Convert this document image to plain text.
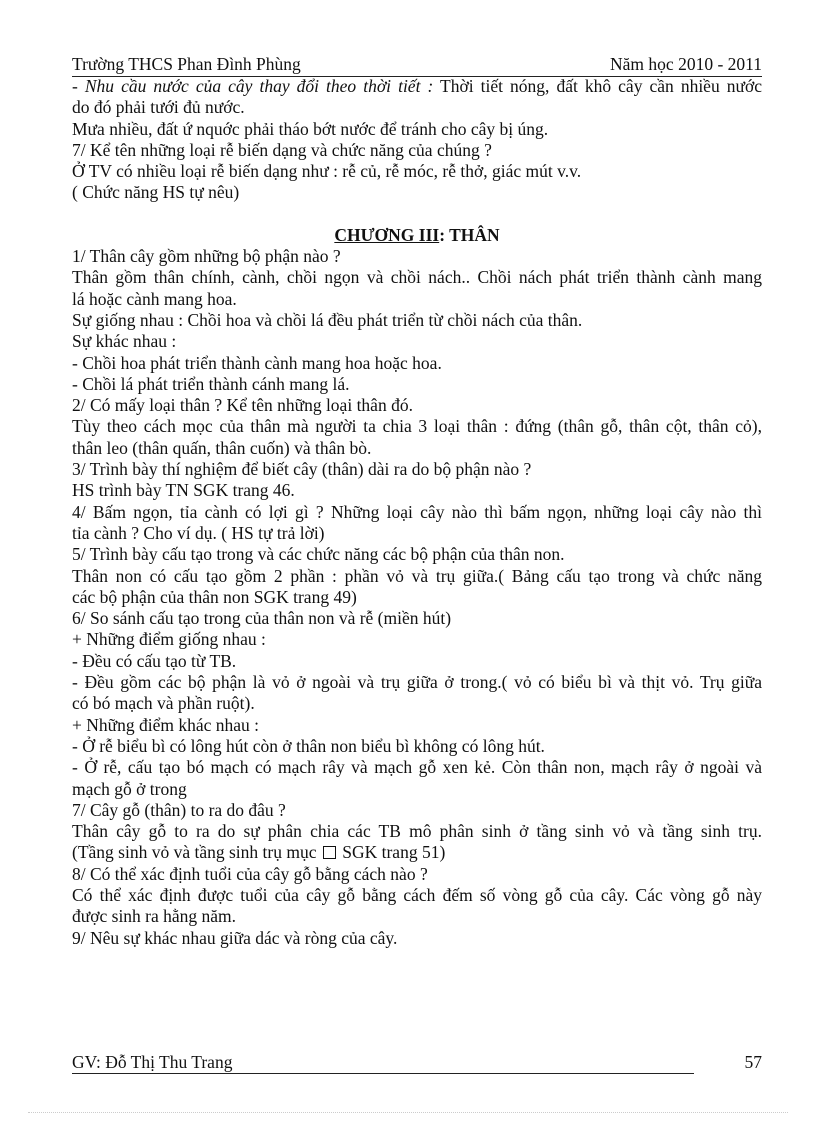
Trường THCS Phan Đình Phùng	Năm học 2010 - 2011
- Nhu cầu nước của cây thay đổi theo thời tiết : Thời tiết nóng, đất khô cây cần nhiều nước
do đó phải tưới đủ nước.
Mưa nhiều, đất ứ nquớc phải tháo bớt nước để tránh cho cây bị úng.
7/ Kể tên những loại rễ biến dạng và chức năng của chúng ?
Ở TV có nhiều loại rễ biến dạng như : rễ củ, rễ móc, rễ thở, giác mút v.v.
( Chức năng HS tự nêu)
CHƯƠNG III: THÂN
1/ Thân cây gồm những bộ phận nào ?
Thân gồm thân chính, cành, chồi ngọn và chồi nách.. Chồi nách phát triển thành cành mang
lá hoặc cành mang hoa.
Sự giống nhau : Chồi hoa và chồi lá đều phát triển từ chồi nách của thân.
Sự khác nhau :
- Chồi hoa phát triển thành cành mang hoa hoặc hoa.
- Chồi lá phát triển thành cánh mang lá.
2/ Có mấy loại thân ? Kể tên những loại thân đó.
Tùy theo cách mọc của thân mà người ta chia 3 loại thân : đứng (thân gỗ, thân cột, thân cỏ),
thân leo (thân quấn, thân cuốn) và thân bò.
3/ Trình bày thí nghiệm để biết cây (thân) dài ra do bộ phận nào ?
HS trình bày TN SGK trang 46.
4/ Bấm ngọn, tỉa cành có lợi gì ? Những loại cây nào thì bấm ngọn, những loại cây nào thì
tỉa cành ? Cho ví dụ. ( HS tự trả lời)
5/ Trình bày cấu tạo trong và các chức năng các bộ phận của thân non.
Thân non có cấu tạo gồm 2 phần : phần vỏ và trụ giữa.( Bảng cấu tạo trong và chức năng
các bộ phận của thân non SGK trang 49)
6/ So sánh cấu tạo trong của thân non và rễ (miền hút)
+ Những điểm giống nhau :
- Đều có cấu tạo từ TB.
- Đều gồm các bộ phận là vỏ ở ngoài và trụ giữa ở trong.( vỏ có biểu bì và thịt vỏ. Trụ giữa
có bó mạch và phần ruột).
+ Những điểm khác nhau :
- Ở rễ biểu bì có lông hút còn ở thân non biểu bì không có lông hút.
- Ở rễ, cấu tạo bó mạch có mạch rây và mạch gỗ xen kẻ. Còn thân non, mạch rây ở ngoài và
mạch gỗ ở trong
7/ Cây gỗ (thân) to ra do đâu ?
Thân cây gỗ to ra do sự phân chia các TB mô phân sinh ở tầng sinh vỏ và tầng sinh trụ.
(Tầng sinh vỏ và tầng sinh trụ mục SGK trang 51)
8/ Có thể xác định tuổi của cây gỗ bằng cách nào ?
Có thể xác định được tuổi của cây gỗ bằng cách đếm số vòng gỗ của cây. Các vòng gỗ này
được sinh ra hằng năm.
9/ Nêu sự khác nhau giữa dác và ròng của cây.
GV: Đỗ Thị Thu Trang	57
